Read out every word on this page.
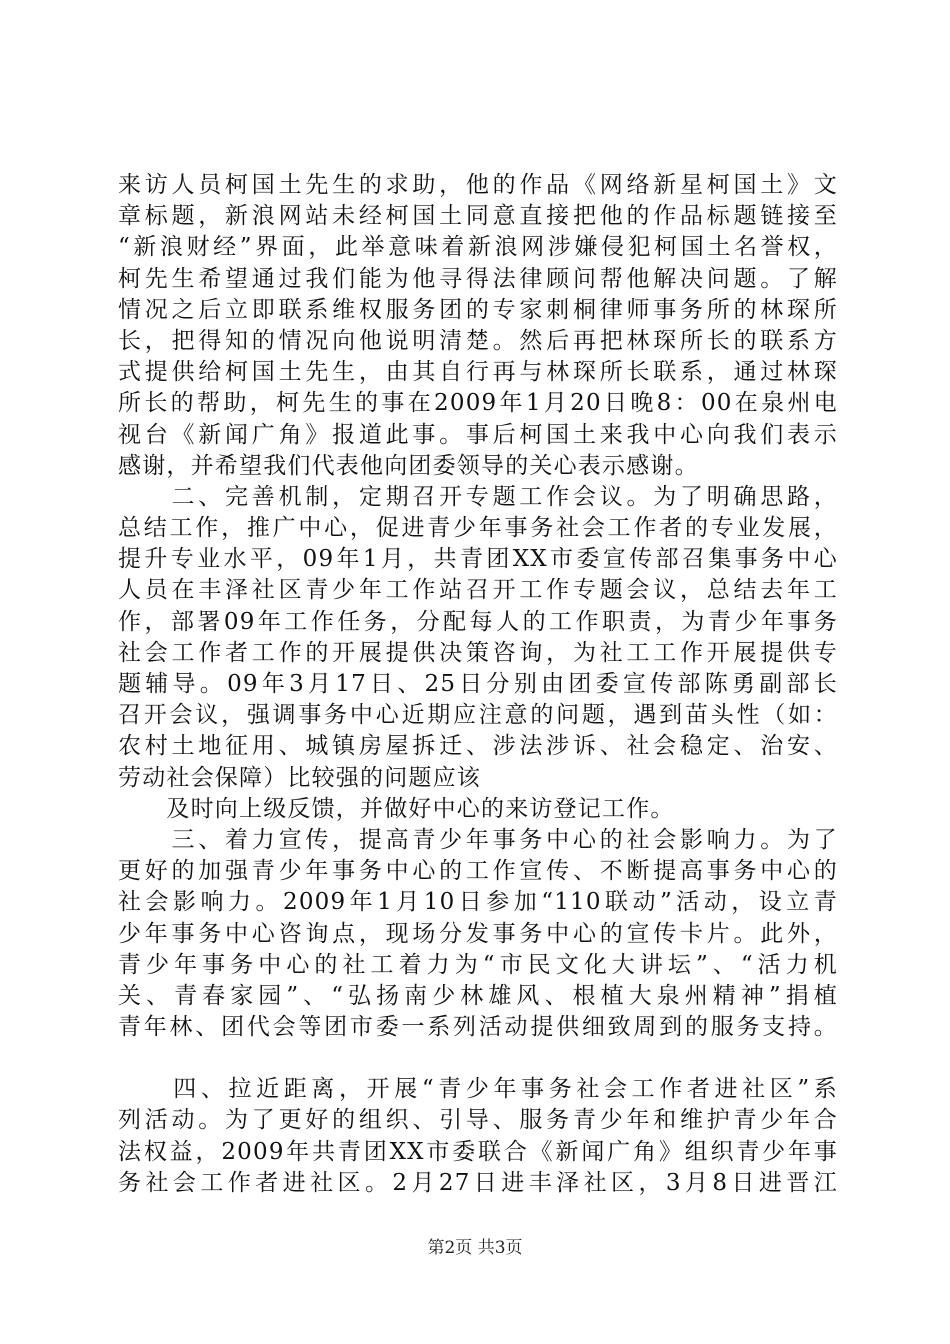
来访人员柯国土先生的求助，他的作品《网络新星柯国土》文
章标题，新浪网站未经柯国土同意直接把他的作品标题链接至
“新浪财经”界面，此举意味着新浪网涉嫌侵犯柯国土名誉权，
柯先生希望通过我们能为他寻得法律顾问帮他解决问题。了解
情况之后立即联系维权服务团的专家刺桐律师事务所的林琛所
长，把得知的情况向他说明清楚。然后再把林琛所长的联系方
式提供给柯国土先生，由其自行再与林琛所长联系，通过林琛
所长的帮助，柯先生的事在2009年1月20日晚8：00在泉州电
视台《新闻广角》报道此事。事后柯国土来我中心向我们表示
感谢，并希望我们代表他向团委领导的关心表示感谢。
　　二、完善机制，定期召开专题工作会议。为了明确思路，
总结工作，推广中心，促进青少年事务社会工作者的专业发展，
提升专业水平，09年1月，共青团XX市委宣传部召集事务中心
人员在丰泽社区青少年工作站召开工作专题会议，总结去年工
作，部署09年工作任务，分配每人的工作职责，为青少年事务
社会工作者工作的开展提供决策咨询，为社工工作开展提供专
题辅导。09年3月17日、25日分别由团委宣传部陈勇副部长
召开会议，强调事务中心近期应注意的问题，遇到苗头性（如：
农村土地征用、城镇房屋拆迁、涉法涉诉、社会稳定、治安、
劳动社会保障）比较强的问题应该
　　及时向上级反馈，并做好中心的来访登记工作。
　　三、着力宣传，提高青少年事务中心的社会影响力。为了
更好的加强青少年事务中心的工作宣传、不断提高事务中心的
社会影响力。2009年1月10日参加“110联动”活动，设立青
少年事务中心咨询点，现场分发事务中心的宣传卡片。此外，
青少年事务中心的社工着力为“市民文化大讲坛”、“活力机
关、青春家园”、“弘扬南少林雄风、根植大泉州精神”捐植
青年林、团代会等团市委一系列活动提供细致周到的服务支持。
　　四、拉近距离，开展“青少年事务社会工作者进社区”系
列活动。为了更好的组织、引导、服务青少年和维护青少年合
法权益，2009年共青团XX市委联合《新闻广角》组织青少年事
务社会工作者进社区。2月27日进丰泽社区，3月8日进晋江
第2页 共3页
